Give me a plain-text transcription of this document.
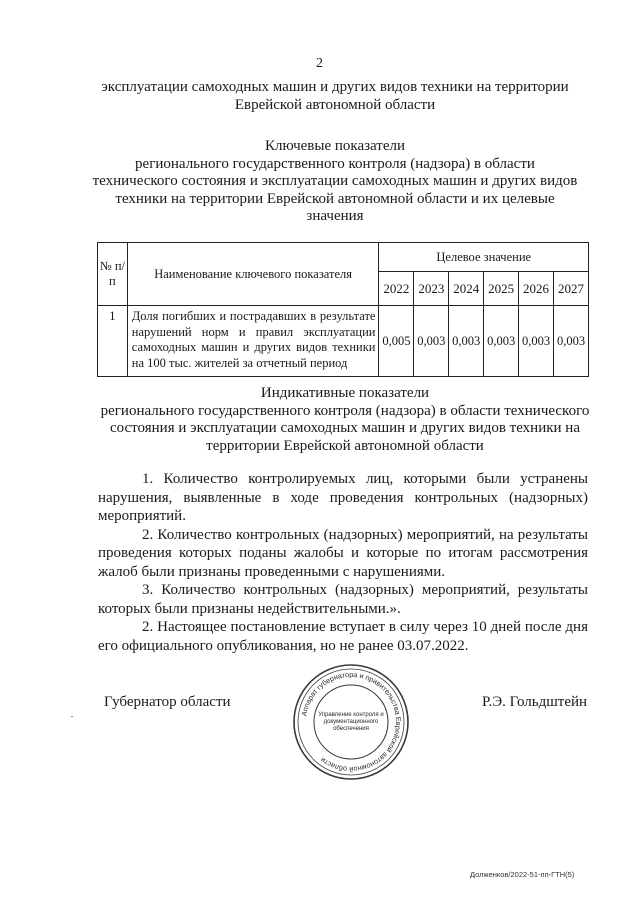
2
эксплуатации самоходных машин и других видов техники на территории Еврейской автономной области
Ключевые показатели
регионального государственного контроля (надзора) в области
технического состояния и эксплуатации самоходных машин и других видов
техники на территории Еврейской автономной области и их целевые
значения
№ п/п	Наименование ключевого показателя	Целевое значение					
		2022	2023	2024	2025	2026	2027
1	Доля погибших и пострадавших в результате нарушений норм и правил эксплуатации самоходных машин и других видов техники на 100 тыс. жителей за отчетный период	0,005	0,003	0,003	0,003	0,003	0,003
Индикативные показатели
регионального государственного контроля (надзора) в области технического
состояния и эксплуатации самоходных машин и других видов техники на
территории Еврейской автономной области

1. Количество контролируемых лиц, которыми были устранены нарушения, выявленные в ходе проведения контрольных (надзорных) мероприятий.

2. Количество контрольных (надзорных) мероприятий, на результаты проведения которых поданы жалобы и которые по итогам рассмотрения жалоб были признаны проведенными с нарушениями.

3. Количество контрольных (надзорных) мероприятий, результаты которых были признаны недействительными.».

2. Настоящее постановление вступает в силу через 10 дней после дня его официального опубликования, но не ранее 03.07.2022.

Губернатор области
Аппарат губернатора и правительства Еврейской автономной области
Управление контроля и
документационного
обеспечения
Р.Э. Гольдштейн
Долженков/2022-51-пп-ГТН(5)
